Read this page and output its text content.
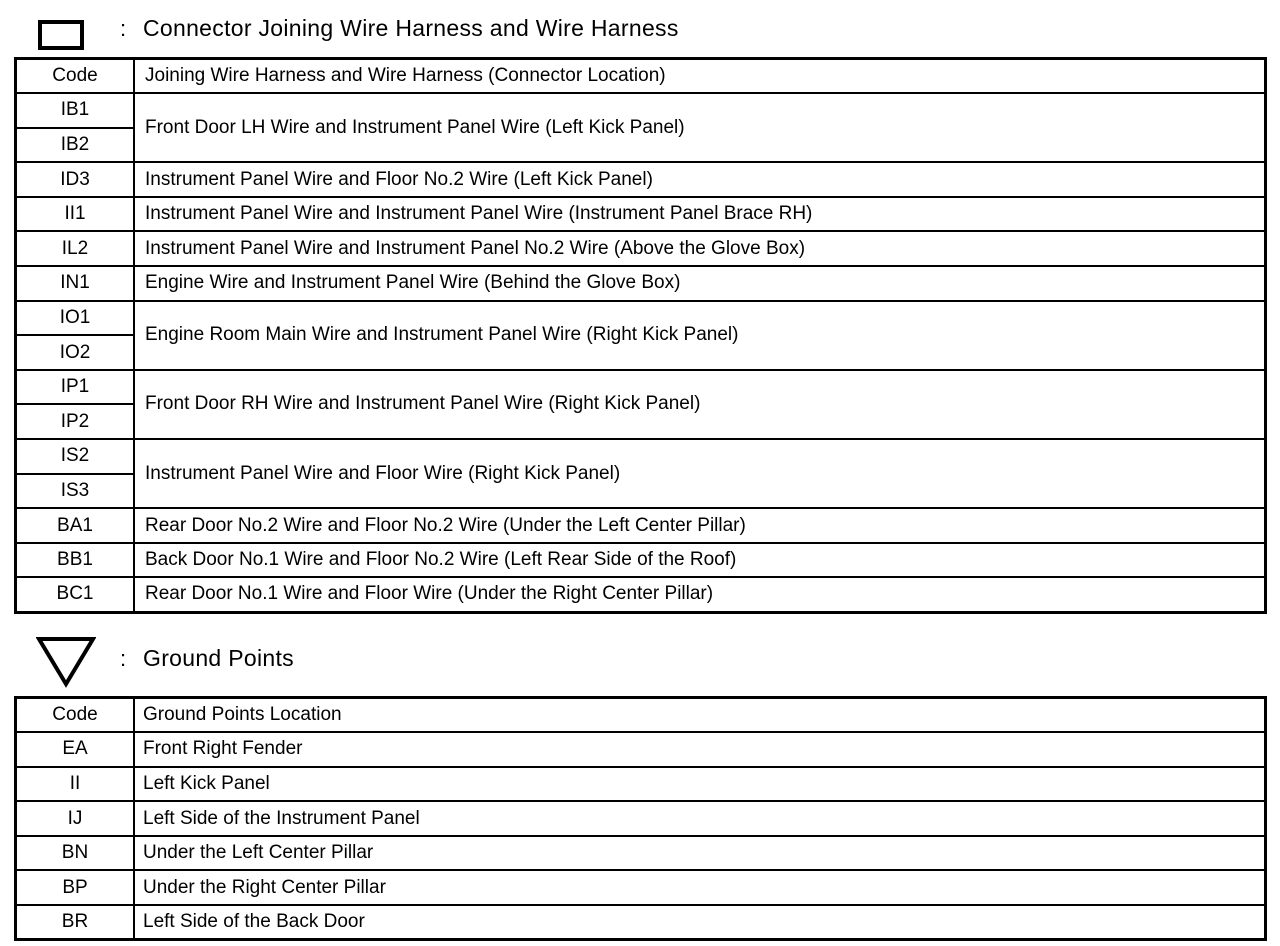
: Connector Joining Wire Harness and Wire Harness
Code	Joining Wire Harness and Wire Harness (Connector Location)
IB1	Front Door LH Wire and Instrument Panel Wire (Left Kick Panel)
IB2	
ID3	Instrument Panel Wire and Floor No.2 Wire (Left Kick Panel)
II1	Instrument Panel Wire and Instrument Panel Wire (Instrument Panel Brace RH)
IL2	Instrument Panel Wire and Instrument Panel No.2 Wire (Above the Glove Box)
IN1	Engine Wire and Instrument Panel Wire (Behind the Glove Box)
IO1	Engine Room Main Wire and Instrument Panel Wire (Right Kick Panel)
IO2	
IP1	Front Door RH Wire and Instrument Panel Wire (Right Kick Panel)
IP2	
IS2	Instrument Panel Wire and Floor Wire (Right Kick Panel)
IS3	
BA1	Rear Door No.2 Wire and Floor No.2 Wire (Under the Left Center Pillar)
BB1	Back Door No.1 Wire and Floor No.2 Wire (Left Rear Side of the Roof)
BC1	Rear Door No.1 Wire and Floor Wire (Under the Right Center Pillar)
: Ground Points
Code	Ground Points Location
EA	Front Right Fender
II	Left Kick Panel
IJ	Left Side of the Instrument Panel
BN	Under the Left Center Pillar
BP	Under the Right Center Pillar
BR	Left Side of the Back Door
